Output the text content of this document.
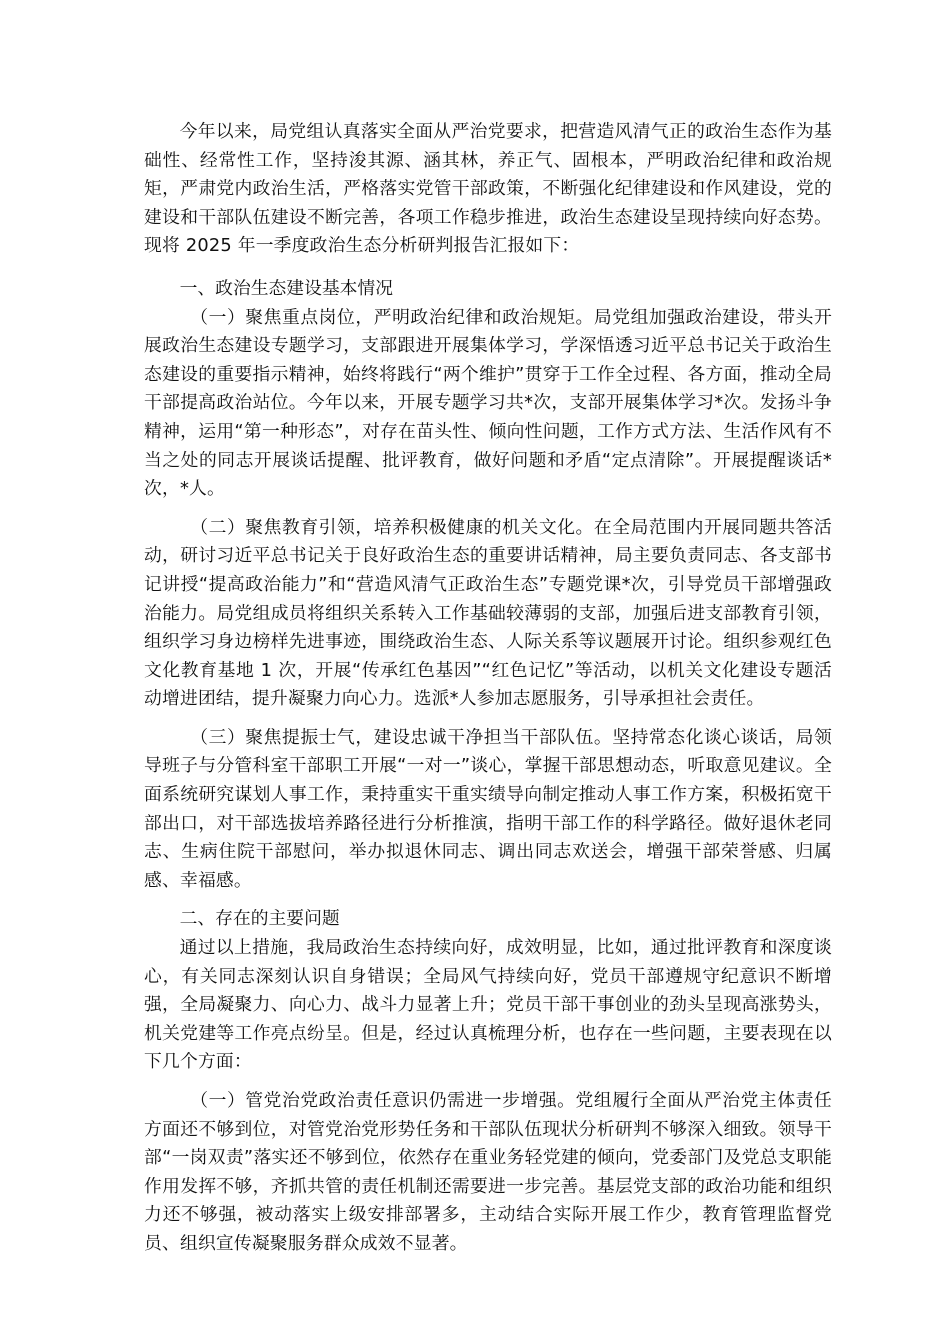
今年以来，局党组认真落实全面从严治党要求，把营造风清气正的政治生态作为基础性、经常性工作，坚持浚其源、涵其林，养正气、固根本，严明政治纪律和政治规矩，严肃党内政治生活，严格落实党管干部政策，不断强化纪律建设和作风建设，党的建设和干部队伍建设不断完善，各项工作稳步推进，政治生态建设呈现持续向好态势。现将 2025 年一季度政治生态分析研判报告汇报如下：

一、政治生态建设基本情况

（一）聚焦重点岗位，严明政治纪律和政治规矩。局党组加强政治建设，带头开展政治生态建设专题学习，支部跟进开展集体学习，学深悟透习近平总书记关于政治生态建设的重要指示精神，始终将践行“两个维护”贯穿于工作全过程、各方面，推动全局干部提高政治站位。今年以来，开展专题学习共*次，支部开展集体学习*次。发扬斗争精神，运用“第一种形态”，对存在苗头性、倾向性问题，工作方式方法、生活作风有不当之处的同志开展谈话提醒、批评教育，做好问题和矛盾“定点清除”。开展提醒谈话*次，*人。

（二）聚焦教育引领，培养积极健康的机关文化。在全局范围内开展同题共答活动，研讨习近平总书记关于良好政治生态的重要讲话精神，局主要负责同志、各支部书记讲授“提高政治能力”和“营造风清气正政治生态”专题党课*次，引导党员干部增强政治能力。局党组成员将组织关系转入工作基础较薄弱的支部，加强后进支部教育引领，组织学习身边榜样先进事迹，围绕政治生态、人际关系等议题展开讨论。组织参观红色文化教育基地 1 次，开展“传承红色基因”“红色记忆”等活动，以机关文化建设专题活动增进团结，提升凝聚力向心力。选派*人参加志愿服务，引导承担社会责任。

（三）聚焦提振士气，建设忠诚干净担当干部队伍。坚持常态化谈心谈话，局领导班子与分管科室干部职工开展“一对一”谈心，掌握干部思想动态，听取意见建议。全面系统研究谋划人事工作，秉持重实干重实绩导向制定推动人事工作方案，积极拓宽干部出口，对干部选拔培养路径进行分析推演，指明干部工作的科学路径。做好退休老同志、生病住院干部慰问，举办拟退休同志、调出同志欢送会，增强干部荣誉感、归属感、幸福感。

二、存在的主要问题

通过以上措施，我局政治生态持续向好，成效明显，比如，通过批评教育和深度谈心，有关同志深刻认识自身错误；全局风气持续向好，党员干部遵规守纪意识不断增强，全局凝聚力、向心力、战斗力显著上升；党员干部干事创业的劲头呈现高涨势头，机关党建等工作亮点纷呈。但是，经过认真梳理分析，也存在一些问题，主要表现在以下几个方面：

（一）管党治党政治责任意识仍需进一步增强。党组履行全面从严治党主体责任方面还不够到位，对管党治党形势任务和干部队伍现状分析研判不够深入细致。领导干部“一岗双责”落实还不够到位，依然存在重业务轻党建的倾向，党委部门及党总支职能作用发挥不够，齐抓共管的责任机制还需要进一步完善。基层党支部的政治功能和组织力还不够强，被动落实上级安排部署多，主动结合实际开展工作少，教育管理监督党员、组织宣传凝聚服务群众成效不显著。
